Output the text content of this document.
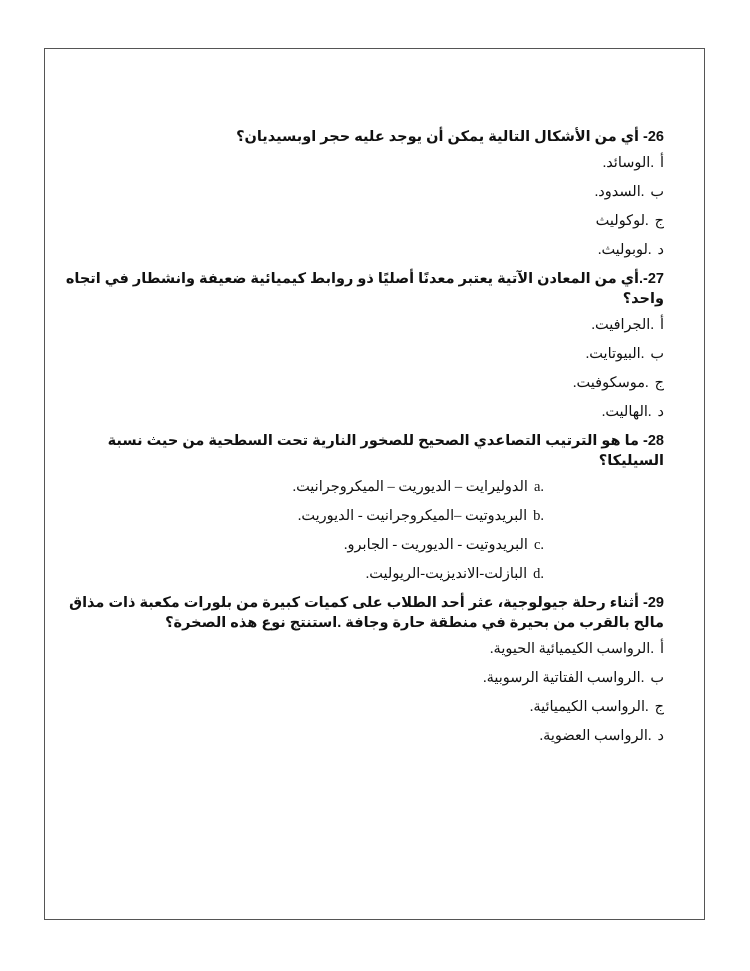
26- أي من الأشكال التالية يمكن أن يوجد عليه حجر اوبسيديان؟

أ.الوسائد.

ب.السدود.

ج.لوكوليث

د.لوبوليث.

27-.أي من المعادن الآتية يعتبر معدنًا أصليًا ذو روابط كيميائية ضعيفة وانشطار في اتجاه واحد؟

أ.الجرافيت.

ب.البيوتايت.

ج.موسكوفيت.

د.الهاليت.

28- ما هو الترتيب التصاعدي الصحيح للصخور النارية تحت السطحية من حيث نسبة السيليكا؟

a.الدوليرايت – الديوريت – الميكروجرانيت.

b.البريدوتيت –الميكروجرانيت - الديوريت.

c.البريدوتيت - الديوريت - الجابرو.

d.البازلت-الانديزيت-الريوليت.

29- أثناء رحلة جيولوجية، عثر أحد الطلاب على كميات كبيرة من بلورات مكعبة ذات مذاق مالح بالقرب من بحيرة في منطقة حارة وجافة .استنتج نوع هذه الصخرة؟

أ.الرواسب الكيميائية الحيوية.

ب.الرواسب الفتاتية الرسوبية.

ج.الرواسب الكيميائية.

د.الرواسب العضوية.
